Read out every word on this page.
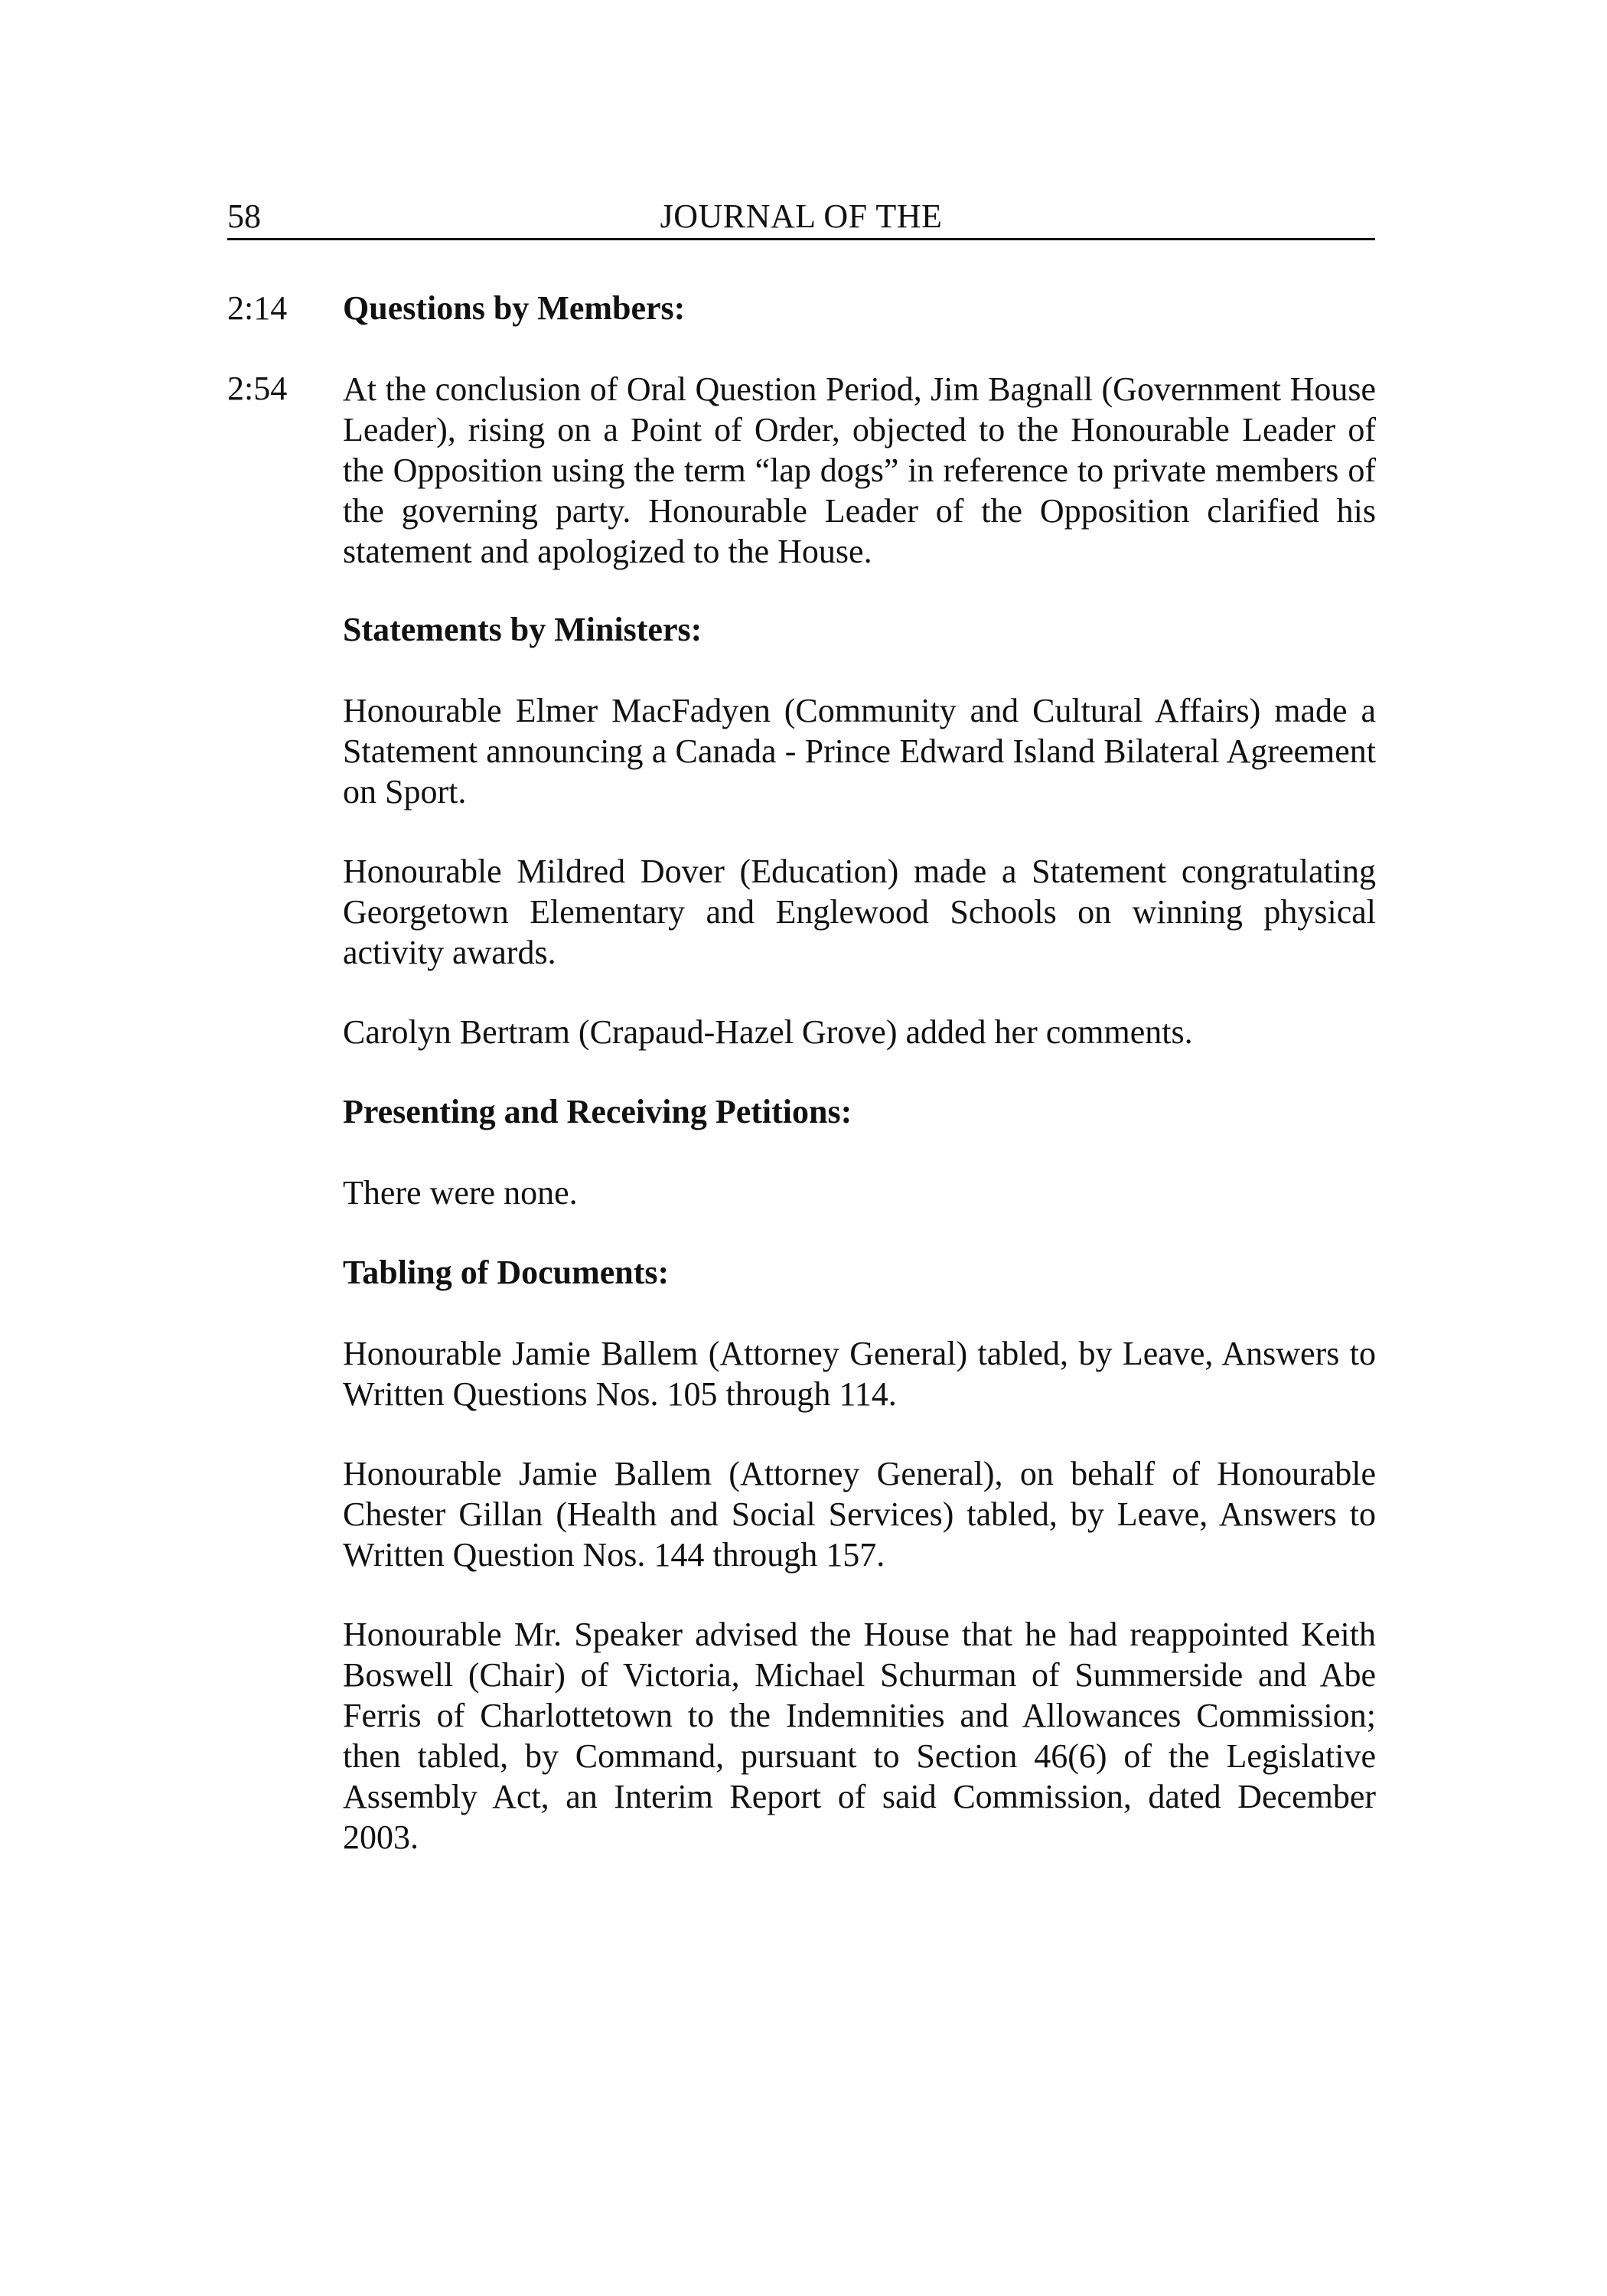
58	JOURNAL OF THE
2:14 Questions by Members:
2:54 At the conclusion of Oral Question Period, Jim Bagnall (Government House Leader), rising on a Point of Order, objected to the Honourable Leader of the Opposition using the term “lap dogs” in reference to private members of the governing party. Honourable Leader of the Opposition clarified his statement and apologized to the House.

Statements by Ministers:

Honourable Elmer MacFadyen (Community and Cultural Affairs) made a Statement announcing a Canada - Prince Edward Island Bilateral Agreement on Sport.

Honourable Mildred Dover (Education) made a Statement congratulating Georgetown Elementary and Englewood Schools on winning physical activity awards.

Carolyn Bertram (Crapaud-Hazel Grove) added her comments.

Presenting and Receiving Petitions:

There were none.

Tabling of Documents:

Honourable Jamie Ballem (Attorney General) tabled, by Leave, Answers to Written Questions Nos. 105 through 114.

Honourable Jamie Ballem (Attorney General), on behalf of Honourable Chester Gillan (Health and Social Services) tabled, by Leave, Answers to Written Question Nos. 144 through 157.

Honourable Mr. Speaker advised the House that he had reappointed Keith Boswell (Chair) of Victoria, Michael Schurman of Summerside and Abe Ferris of Charlottetown to the Indemnities and Allowances Commission; then tabled, by Command, pursuant to Section 46(6) of the Legislative Assembly Act, an Interim Report of said Commission, dated December 2003.
